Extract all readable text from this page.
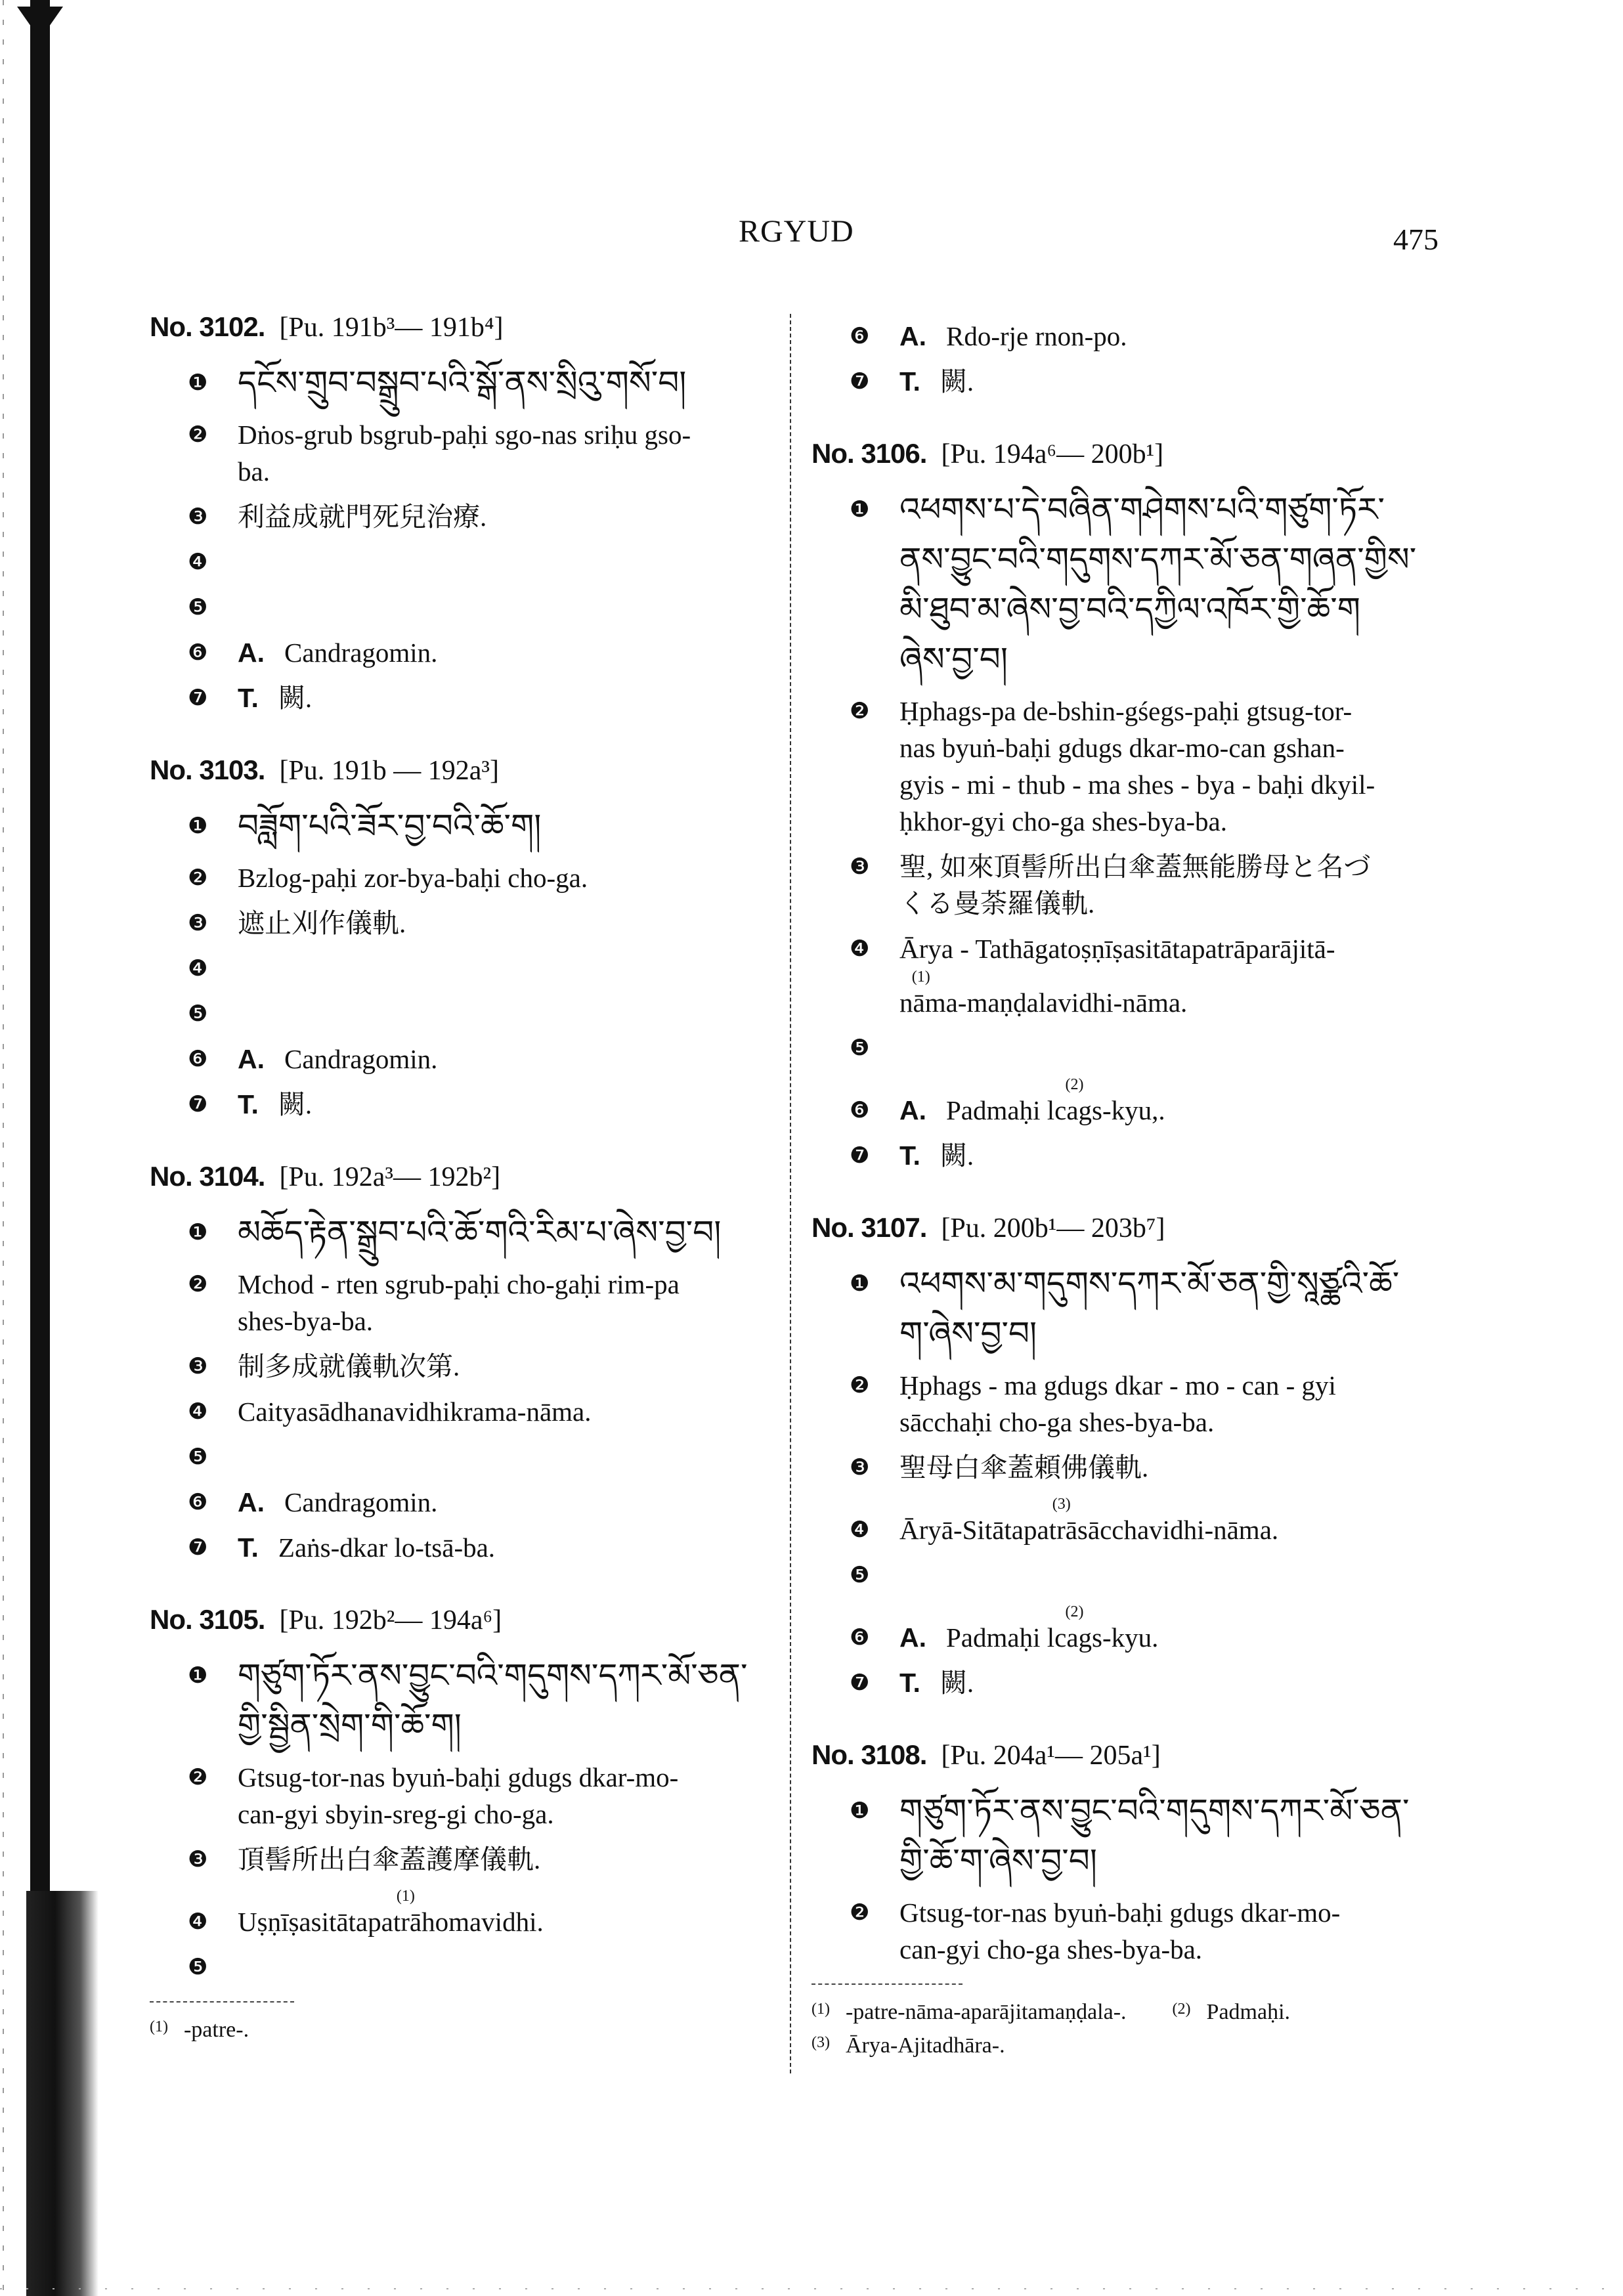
RGYUD	475
No. 3102. [Pu. 191b³— 191b⁴]
❶ དངོས་གྲུབ་བསྒྲུབ་པའི་སྒོ་ནས་སྲིའུ་གསོ་བ།
❷	Dṅos-grub bsgrub-paḥi sgo-nas sriḥu gso-
ba.
❸	利益成就門死兒治療.
❹
❺
❻	A. Candragomin.
❼	T. 闕.
No. 3103. [Pu. 191b — 192a³]
❶ བཟློག་པའི་ཟོར་བྱ་བའི་ཆོ་ག།
❷	Bzlog-paḥi zor-bya-baḥi cho-ga.
❸	遮止刈作儀軌.
❹
❺
❻	A. Candragomin.
❼	T. 闕.
No. 3104. [Pu. 192a³— 192b²]
❶ མཆོད་རྟེན་སྒྲུབ་པའི་ཆོ་གའི་རིམ་པ་ཞེས་བྱ་བ།
❷	Mchod - rten sgrub-paḥi cho-gaḥi rim-pa
shes-bya-ba.
❸	制多成就儀軌次第.
❹	Caityasādhanavidhikrama-nāma.
❺
❻	A. Candragomin.
❼	T. Zaṅs-dkar lo-tsā-ba.
No. 3105. [Pu. 192b²— 194a⁶]
❶ གཙུག་ཏོར་ནས་བྱུང་བའི་གདུགས་དཀར་མོ་ཅན་
གྱི་སྦྱིན་སྲེག་གི་ཆོ་ག།
❷	Gtsug-tor-nas byuṅ-baḥi gdugs dkar-mo-
can-gyi sbyin-sreg-gi cho-ga.
❸	頂髻所出白傘蓋護摩儀軌.
❹	Uṣṇīṣasitātapatr
(1)
āhomavidhi.
❺
$^{(1)}$ -patre-.
❻	A. Rdo-rje rnon-po.
❼	T. 闕.
No. 3106. [Pu. 194a⁶— 200b¹]
❶ འཕགས་པ་དེ་བཞིན་གཤེགས་པའི་གཙུག་ཏོར་
ནས་བྱུང་བའི་གདུགས་དཀར་མོ་ཅན་གཞན་གྱིས་
མི་ཐུབ་མ་ཞེས་བྱ་བའི་དཀྱིལ་འཁོར་གྱི་ཆོ་ག
ཞེས་བྱ་བ།
❷	Ḥphags-pa de-bshin-gśegs-paḥi gtsug-tor-
nas byuṅ-baḥi gdugs dkar-mo-can gshan-
gyis - mi - thub - ma shes - bya - baḥi dkyil-
ḥkhor-gyi cho-ga shes-bya-ba.
❸	聖, 如來頂髻所出白傘蓋無能勝母と名づ
くる曼荼羅儀軌.
❹	Ārya - Tathāgatoṣṇīṣasitātapatrāparājitā-
nā
(1)
ma-maṇḍalavidhi-nāma.
❺
❻	A. Padmaḥi lca
(2)
gs-kyu,.
❼	T. 闕.
No. 3107. [Pu. 200b¹— 203b⁷]
❶ འཕགས་མ་གདུགས་དཀར་མོ་ཅན་གྱི་སཱཙྪའི་ཆོ་
ག་ཞེས་བྱ་བ།
❷	Ḥphags - ma gdugs dkar - mo - can - gyi
sācchaḥi cho-ga shes-bya-ba.
❸	聖母白傘蓋頼佛儀軌.
❹	Āryā-Sitātapatr
(3)
āsācchavidhi-nāma.
❺
❻	A. Padmaḥi lca
(2)
gs-kyu.
❼	T. 闕.
No. 3108. [Pu. 204a¹— 205a¹]
❶ གཙུག་ཏོར་ནས་བྱུང་བའི་གདུགས་དཀར་མོ་ཅན་
གྱི་ཆོ་ག་ཞེས་བྱ་བ།
❷	Gtsug-tor-nas byuṅ-baḥi gdugs dkar-mo-
can-gyi cho-ga shes-bya-ba.
$^{(1)}$ -patre-nāma-aparājitamaṇḍala-.	$^{(2)}$ Padmaḥi.
$^{(3)}$ Ārya-Ajitadhāra-.
